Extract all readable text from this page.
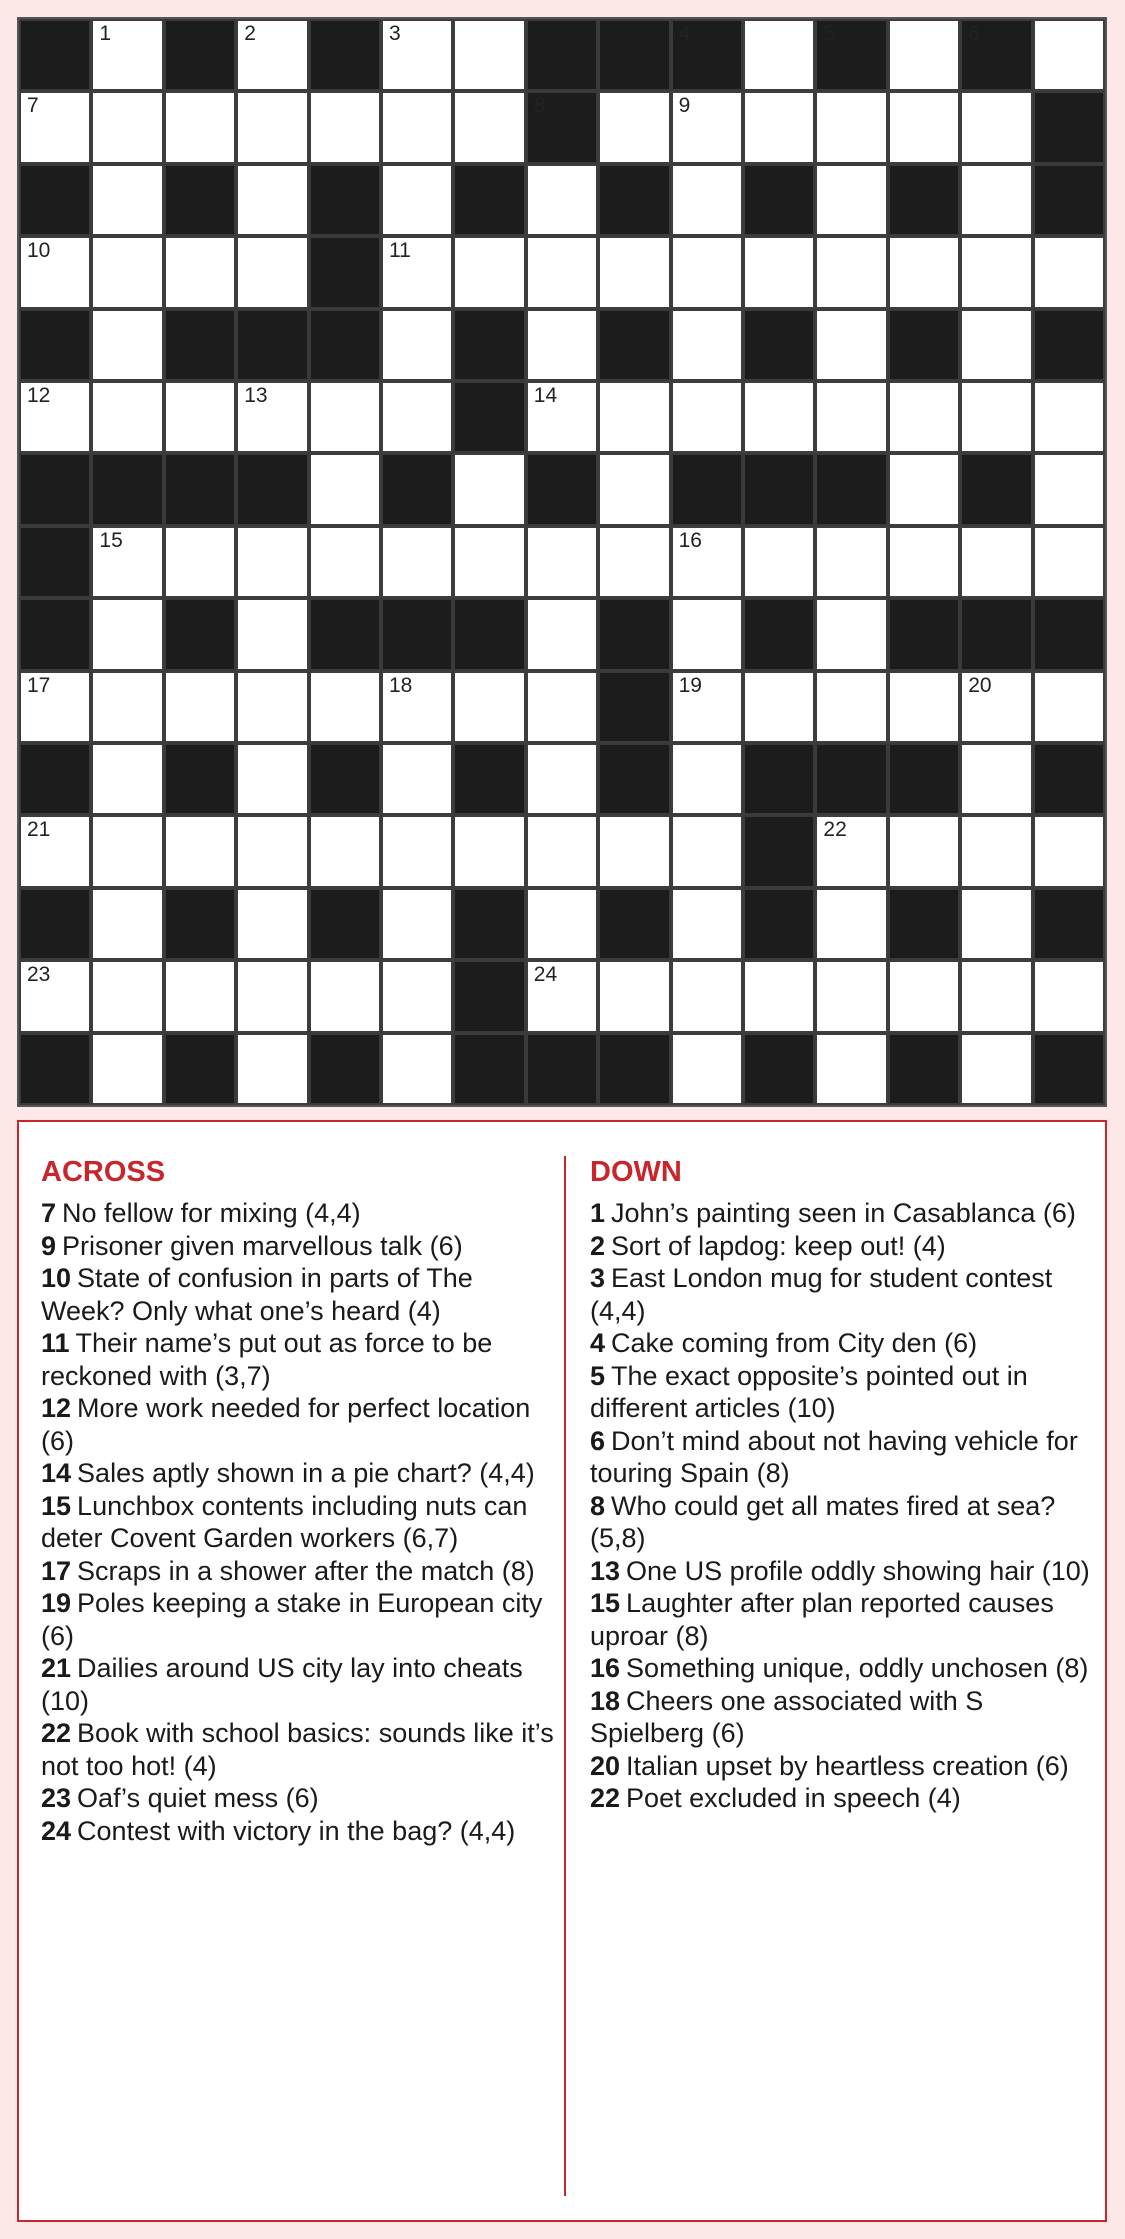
1	2	3	4	5	6
7	8	9
10	11
12	13	14
15	16
17	18	19	20
21	22
23	24
ACROSS

7 No fellow for mixing (4,4)

9 Prisoner given marvellous talk (6)

10 State of confusion in parts of The Week? Only what one’s heard (4)

11 Their name’s put out as force to be reckoned with (3,7)

12 More work needed for perfect location (6)

14 Sales aptly shown in a pie chart? (4,4)

15 Lunchbox contents including nuts can deter Covent Garden workers (6,7)

17 Scraps in a shower after the match (8)

19 Poles keeping a stake in European city (6)

21 Dailies around US city lay into cheats (10)

22 Book with school basics: sounds like it’s not too hot! (4)

23 Oaf’s quiet mess (6)

24 Contest with victory in the bag? (4,4)

DOWN

1 John’s painting seen in Casablanca (6)

2 Sort of lapdog: keep out! (4)

3 East London mug for student contest (4,4)

4 Cake coming from City den (6)

5 The exact opposite’s pointed out in different articles (10)

6 Don’t mind about not having vehicle for touring Spain (8)

8 Who could get all mates fired at sea? (5,8)

13 One US profile oddly showing hair (10)

15 Laughter after plan reported causes uproar (8)

16 Something unique, oddly unchosen (8)

18 Cheers one associated with S Spielberg (6)

20 Italian upset by heartless creation (6)

22 Poet excluded in speech (4)
